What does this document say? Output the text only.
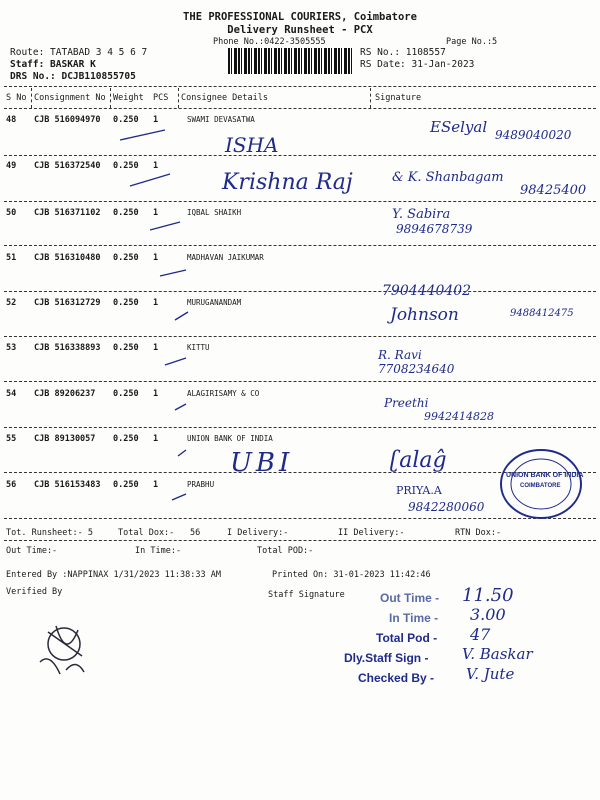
THE PROFESSIONAL COURIERS, Coimbatore
Delivery Runsheet - PCX
Phone No.:0422-3505555	Page No.:5
Route: TATABAD 3 4 5 6 7
Staff: BASKAR K
DRS No.: DCJB110855705
RS No.: 1108557
RS Date: 31-Jan-2023
S No Consignment No Weight PCS Consignee Details	Signature
48 CJB 516094970 0.250 1	SWAMI DEVASATWA
49 CJB 516372540 0.250 1
50 CJB 516371102 0.250 1	IQBAL SHAIKH
51 CJB 516310480 0.250 1	MADHAVAN JAIKUMAR
52 CJB 516312729 0.250 1	MURUGANANDAM
53 CJB 516338893 0.250 1	KITTU
54 CJB 89206237 0.250 1	ALAGIRISAMY & CO
55 CJB 89130057 0.250 1	UNION BANK OF INDIA
56 CJB 516153483 0.250 1	PRABHU
ISHA
ESelyal 9489040020
Krishna Raj	& K. Shanbagam
98425400
Y. Sabira
9894678739
7904440402
Johnson	9488412475
R. Ravi
7708234640
Preethi
9942414828
UBI	ʗalaĝ
PRIYA.A
9842280060
UNION BANK OF INDIA
COIMBATORE
Tot. Runsheet:- 5	Total Dox:- 56	I Delivery:-	II Delivery:-	RTN Dox:-
Out Time:-	In Time:-	Total POD:-
Entered By :NAPPINAX 1/31/2023 11:38:33 AM	Printed On: 31-01-2023 11:42:46
Verified By	Staff Signature	Out Time - 11.50
In Time - 3.00
Total Pod - 47
Dly.Staff Sign - V. Baskar
Checked By - V. Jute
